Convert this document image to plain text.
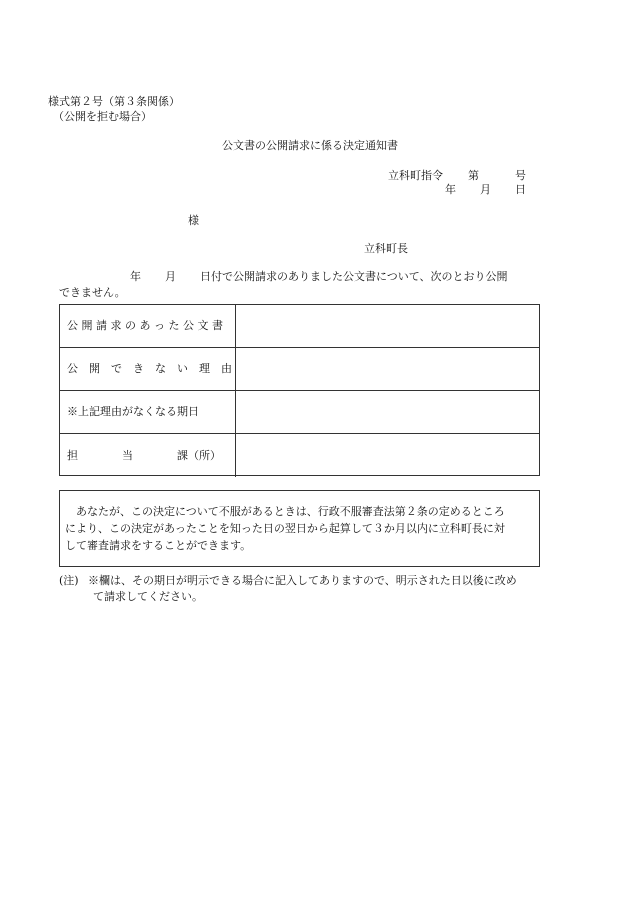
様式第２号（第３条関係）
（公開を拒む場合）
公文書の公開請求に係る決定通知書
立科町指令 第	号
年 月 日
様
立科町長
年 月 日付で公開請求のありました公文書について、次のとおり公開
できません。
公 開 請 求 の あ っ た 公 文 書
公　開　で　き　な　い　理　由
※上記理由がなくなる期日
担　　　　当　　　　課（所）

あなたが、この決定について不服があるときは、行政不服審査法第２条の定めるところ

により、この決定があったことを知った日の翌日から起算して３か月以内に立科町長に対

して審査請求をすることができます。

(注) ※欄は、その期日が明示できる場合に記入してありますので、明示された日以後に改め
て請求してください。
